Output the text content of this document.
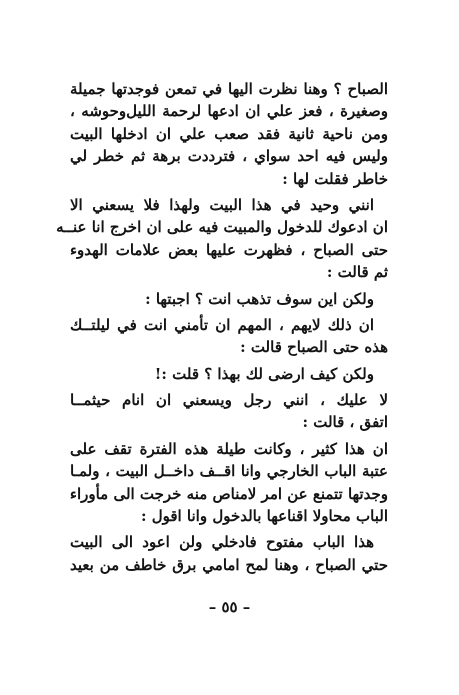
الصباح ؟ وهنا نظرت اليها في تمعن فوجدتها جميلة
وصغيرة ، فعز علي ان ادعها لرحمة الليل‌وحوشه ،
ومن ناحية ثانية فقد صعب علي ان ادخلها البيت
وليس فيه احد سواي ، فترددت برهة ثم خطر لي
خاطر فقلت لها :
انني وحيد في هذا البيت ولهذا فلا يسعني الا
ان ادعوك للدخول والمبيت فيه على ان اخرج انا عنــه
حتى الصباح ، فظهرت عليها بعض علامات الهدوء
ثم قالت :
ولكن اين سوف تذهب انت ؟ اجبتها :
ان ذلك لايهم ، المهم ان تأمني انت في ليلتــك
هذه حتى الصباح قالت :
ولكن كيف ارضى لك بهذا ؟ قلت :!
لا عليك ، انني رجل ويسعني ان انام حيثمــا
اتفق ، قالت :
ان هذا كثير ، وكانت طيلة هذه الفترة تقف على
عتبة الباب الخارجي وانا اقــف داخــل البيت ، ولمـا
وجدتها تتمنع عن امر لامناص منه خرجت الى مأوراء
الباب محاولا اقناعها بالدخول وانا اقول :
هذا الباب مفتوح فادخلي ولن اعود الى البيت
حتي الصباح ، وهنا لمح امامي برق خاطف من بعيد
– ٥٥ –
